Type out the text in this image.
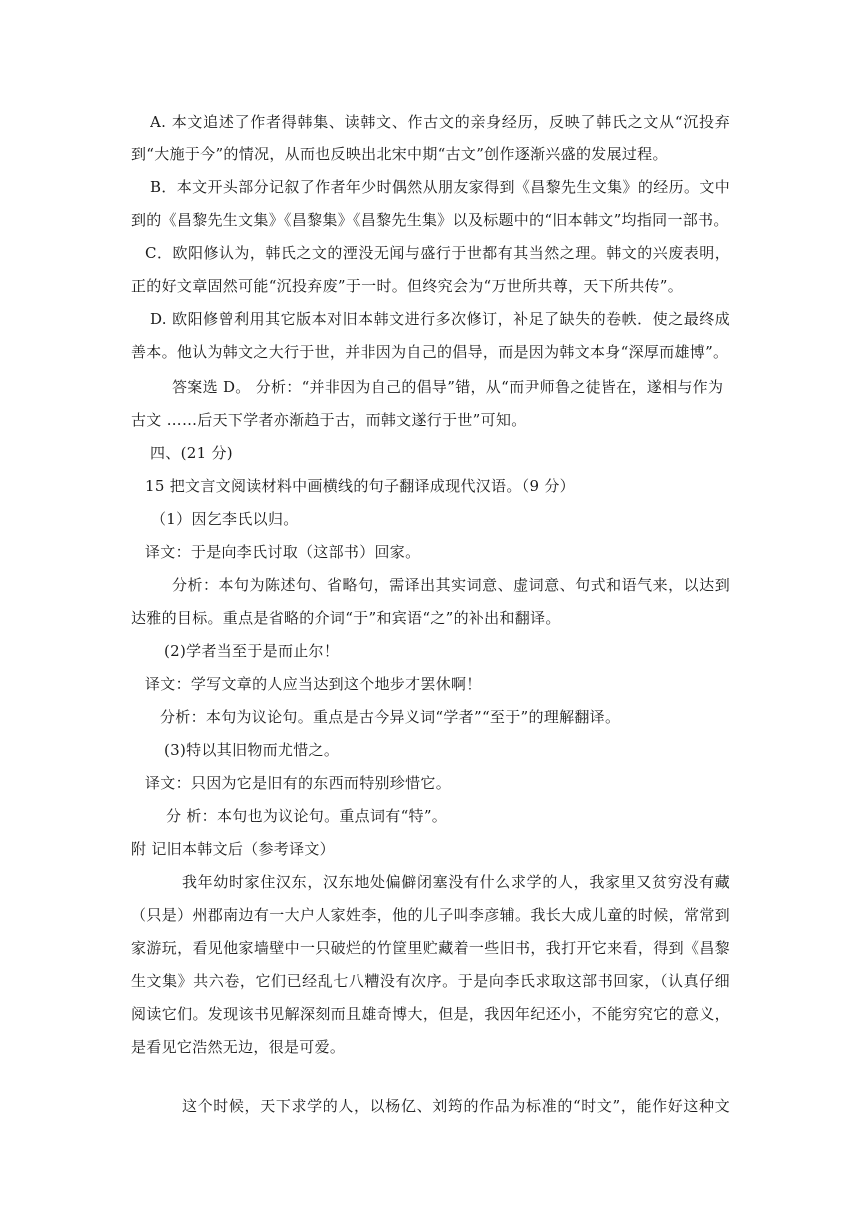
A. 本文追述了作者得韩集、读韩文、作古文的亲身经历，反映了韩氏之文从“沉投弃
到“大施于今”的情况，从而也反映出北宋中期“古文”创作逐渐兴盛的发展过程。
B．本文开头部分记叙了作者年少时偶然从朋友家得到《昌黎先生文集》的经历。文中
到的《昌黎先生文集》《昌黎集》《昌黎先生集》以及标题中的“旧本韩文”均指同一部书。
C．欧阳修认为，韩氏之文的湮没无闻与盛行于世都有其当然之理。韩文的兴废表明，
正的好文章固然可能“沉投弃废”于一时。但终究会为“万世所共尊，天下所共传”。
D. 欧阳修曾利用其它版本对旧本韩文进行多次修订，补足了缺失的卷帙．使之最终成
善本。他认为韩文之大行于世，并非因为自己的倡导，而是因为韩文本身“深厚而雄博”。
答案选 D。 分析：“并非因为自己的倡导”错，从“而尹师鲁之徒皆在，遂相与作为
古文 ……后天下学者亦渐趋于古，而韩文遂行于世”可知。
四、(21 分)
15 把文言文阅读材料中画横线的句子翻译成现代汉语。（9 分）
（1）因乞李氏以归。
译文：于是向李氏讨取（这部书）回家。
分析：本句为陈述句、省略句，需译出其实词意、虚词意、句式和语气来，以达到
达雅的目标。重点是省略的介词“于”和宾语“之”的补出和翻译。
(2)学者当至于是而止尔！
译文：学写文章的人应当达到这个地步才罢休啊！
分析：本句为议论句。重点是古今异义词“学者”“至于”的理解翻译。
(3)特以其旧物而尤惜之。
译文：只因为它是旧有的东西而特别珍惜它。
分 析：本句也为议论句。重点词有“特”。
附 记旧本韩文后（参考译文）
我年幼时家住汉东，汉东地处偏僻闭塞没有什么求学的人，我家里又贫穷没有藏
（只是）州郡南边有一大户人家姓李，他的儿子叫李彦辅。我长大成儿童的时候，常常到
家游玩，看见他家墙壁中一只破烂的竹筐里贮藏着一些旧书，我打开它来看，得到《昌黎
生文集》共六卷，它们已经乱七八糟没有次序。于是向李氏求取这部书回家，（认真仔细
阅读它们。发现该书见解深刻而且雄奇博大，但是，我因年纪还小，不能穷究它的意义，
是看见它浩然无边，很是可爱。
这个时候，天下求学的人，以杨亿、刘筠的作品为标准的“时文”，能作好这种文
